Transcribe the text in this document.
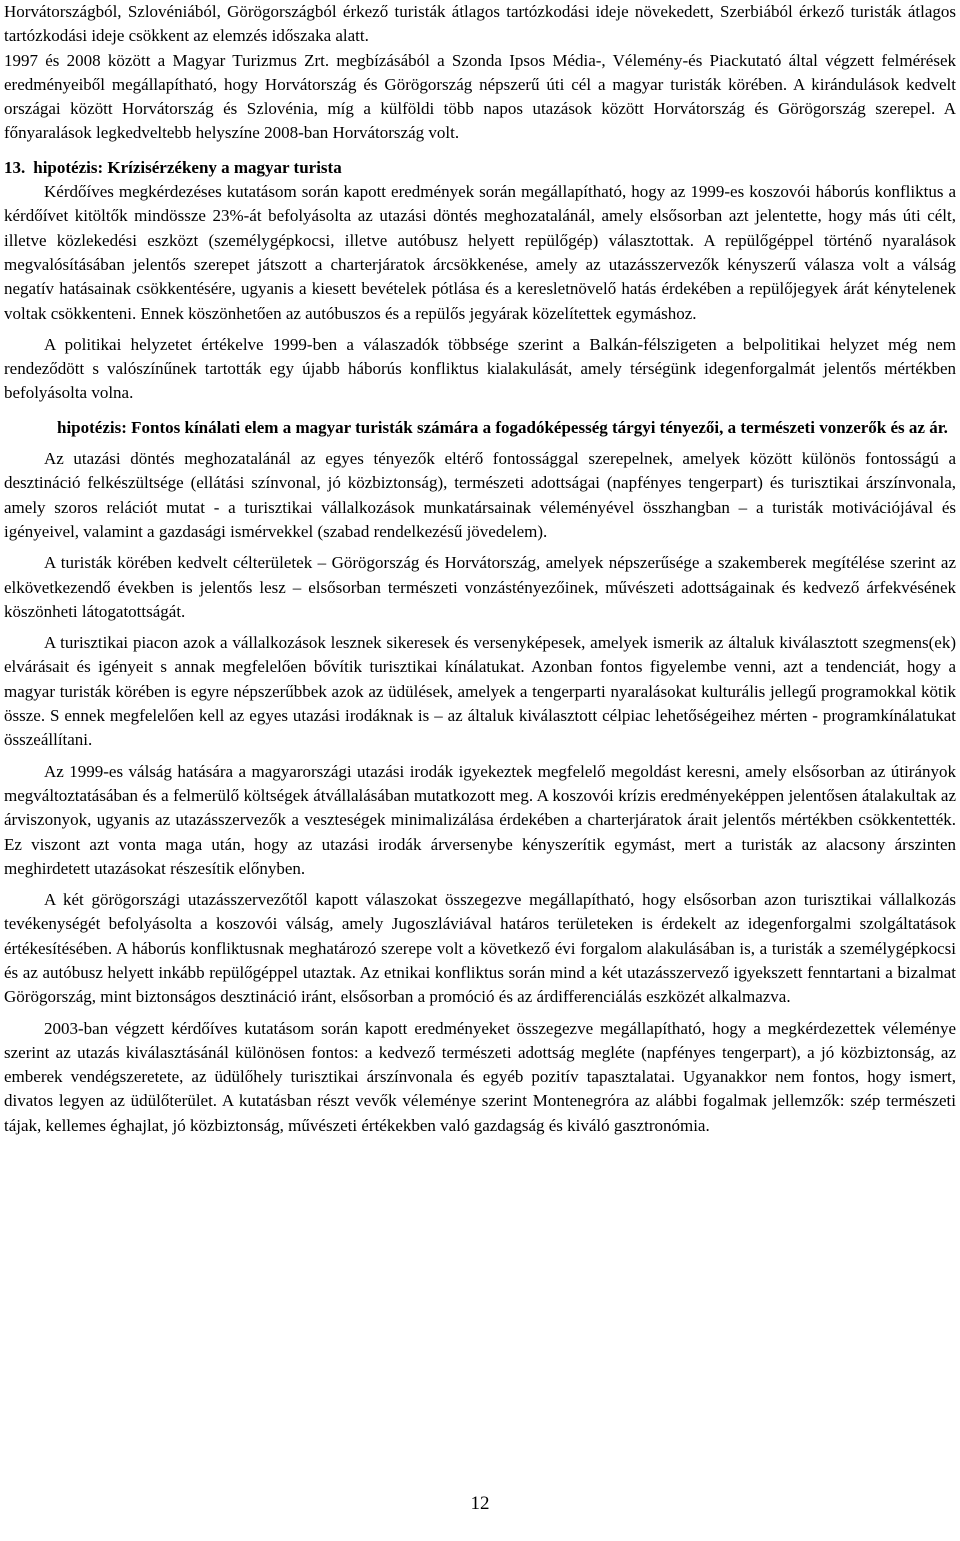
Horvátországból, Szlovéniából, Görögországból érkező turisták átlagos tartózkodási ideje növekedett, Szerbiából érkező turisták átlagos tartózkodási ideje csökkent az elemzés időszaka alatt.

1997 és 2008 között a Magyar Turizmus Zrt. megbízásából a Szonda Ipsos Média-, Vélemény-és Piackutató által végzett felmérések eredményeiből megállapítható, hogy Horvátország és Görögország népszerű úti cél a magyar turisták körében. A kirándulások kedvelt országai között Horvátország és Szlovénia, míg a külföldi több napos utazások között Horvátország és Görögország szerepel. A főnyaralások legkedveltebb helyszíne 2008-ban Horvátország volt.

13. hipotézis: Krízisérzékeny a magyar turista

Kérdőíves megkérdezéses kutatásom során kapott eredmények során megállapítható, hogy az 1999-es koszovói háborús konfliktus a kérdőívet kitöltők mindössze 23%-át befolyásolta az utazási döntés meghozatalánál, amely elsősorban azt jelentette, hogy más úti célt, illetve közlekedési eszközt (személygépkocsi, illetve autóbusz helyett repülőgép) választottak. A repülőgéppel történő nyaralások megvalósításában jelentős szerepet játszott a charterjáratok árcsökkenése, amely az utazásszervezők kényszerű válasza volt a válság negatív hatásainak csökkentésére, ugyanis a kiesett bevételek pótlása és a keresletnövelő hatás érdekében a repülőjegyek árát kénytelenek voltak csökkenteni. Ennek köszönhetően az autóbuszos és a repülős jegyárak közelítettek egymáshoz.

A politikai helyzetet értékelve 1999-ben a válaszadók többsége szerint a Balkán-félszigeten a belpolitikai helyzet még nem rendeződött s valószínűnek tartották egy újabb háborús konfliktus kialakulását, amely térségünk idegenforgalmát jelentős mértékben befolyásolta volna.

hipotézis: Fontos kínálati elem a magyar turisták számára a fogadóképesség tárgyi tényezői, a természeti vonzerők és az ár.

Az utazási döntés meghozatalánál az egyes tényezők eltérő fontossággal szerepelnek, amelyek között különös fontosságú a desztináció felkészültsége (ellátási színvonal, jó közbiztonság), természeti adottságai (napfényes tengerpart) és turisztikai árszínvonala, amely szoros relációt mutat - a turisztikai vállalkozások munkatársainak véleményével összhangban – a turisták motivációjával és igényeivel, valamint a gazdasági ismérvekkel (szabad rendelkezésű jövedelem).

A turisták körében kedvelt célterületek – Görögország és Horvátország, amelyek népszerűsége a szakemberek megítélése szerint az elkövetkezendő években is jelentős lesz – elsősorban természeti vonzástényezőinek, művészeti adottságainak és kedvező árfekvésének köszönheti látogatottságát.

A turisztikai piacon azok a vállalkozások lesznek sikeresek és versenyképesek, amelyek ismerik az általuk kiválasztott szegmens(ek) elvárásait és igényeit s annak megfelelően bővítik turisztikai kínálatukat. Azonban fontos figyelembe venni, azt a tendenciát, hogy a magyar turisták körében is egyre népszerűbbek azok az üdülések, amelyek a tengerparti nyaralásokat kulturális jellegű programokkal kötik össze. S ennek megfelelően kell az egyes utazási irodáknak is – az általuk kiválasztott célpiac lehetőségeihez mérten - programkínálatukat összeállítani.

Az 1999-es válság hatására a magyarországi utazási irodák igyekeztek megfelelő megoldást keresni, amely elsősorban az útirányok megváltoztatásában és a felmerülő költségek átvállalásában mutatkozott meg. A koszovói krízis eredményeképpen jelentősen átalakultak az árviszonyok, ugyanis az utazásszervezők a veszteségek minimalizálása érdekében a charterjáratok árait jelentős mértékben csökkentették. Ez viszont azt vonta maga után, hogy az utazási irodák árversenybe kényszerítik egymást, mert a turisták az alacsony árszinten meghirdetett utazásokat részesítik előnyben.

A két görögországi utazásszervezőtől kapott válaszokat összegezve megállapítható, hogy elsősorban azon turisztikai vállalkozás tevékenységét befolyásolta a koszovói válság, amely Jugoszláviával határos területeken is érdekelt az idegenforgalmi szolgáltatások értékesítésében. A háborús konfliktusnak meghatározó szerepe volt a következő évi forgalom alakulásában is, a turisták a személygépkocsi és az autóbusz helyett inkább repülőgéppel utaztak. Az etnikai konfliktus során mind a két utazásszervező igyekszett fenntartani a bizalmat Görögország, mint biztonságos desztináció iránt, elsősorban a promóció és az árdifferenciálás eszközét alkalmazva.

2003-ban végzett kérdőíves kutatásom során kapott eredményeket összegezve megállapítható, hogy a megkérdezettek véleménye szerint az utazás kiválasztásánál különösen fontos: a kedvező természeti adottság megléte (napfényes tengerpart), a jó közbiztonság, az emberek vendégszeretete, az üdülőhely turisztikai árszínvonala és egyéb pozitív tapasztalatai. Ugyanakkor nem fontos, hogy ismert, divatos legyen az üdülőterület. A kutatásban részt vevők véleménye szerint Montenegróra az alábbi fogalmak jellemzők: szép természeti tájak, kellemes éghajlat, jó közbiztonság, művészeti értékekben való gazdagság és kiváló gasztronómia.

12
